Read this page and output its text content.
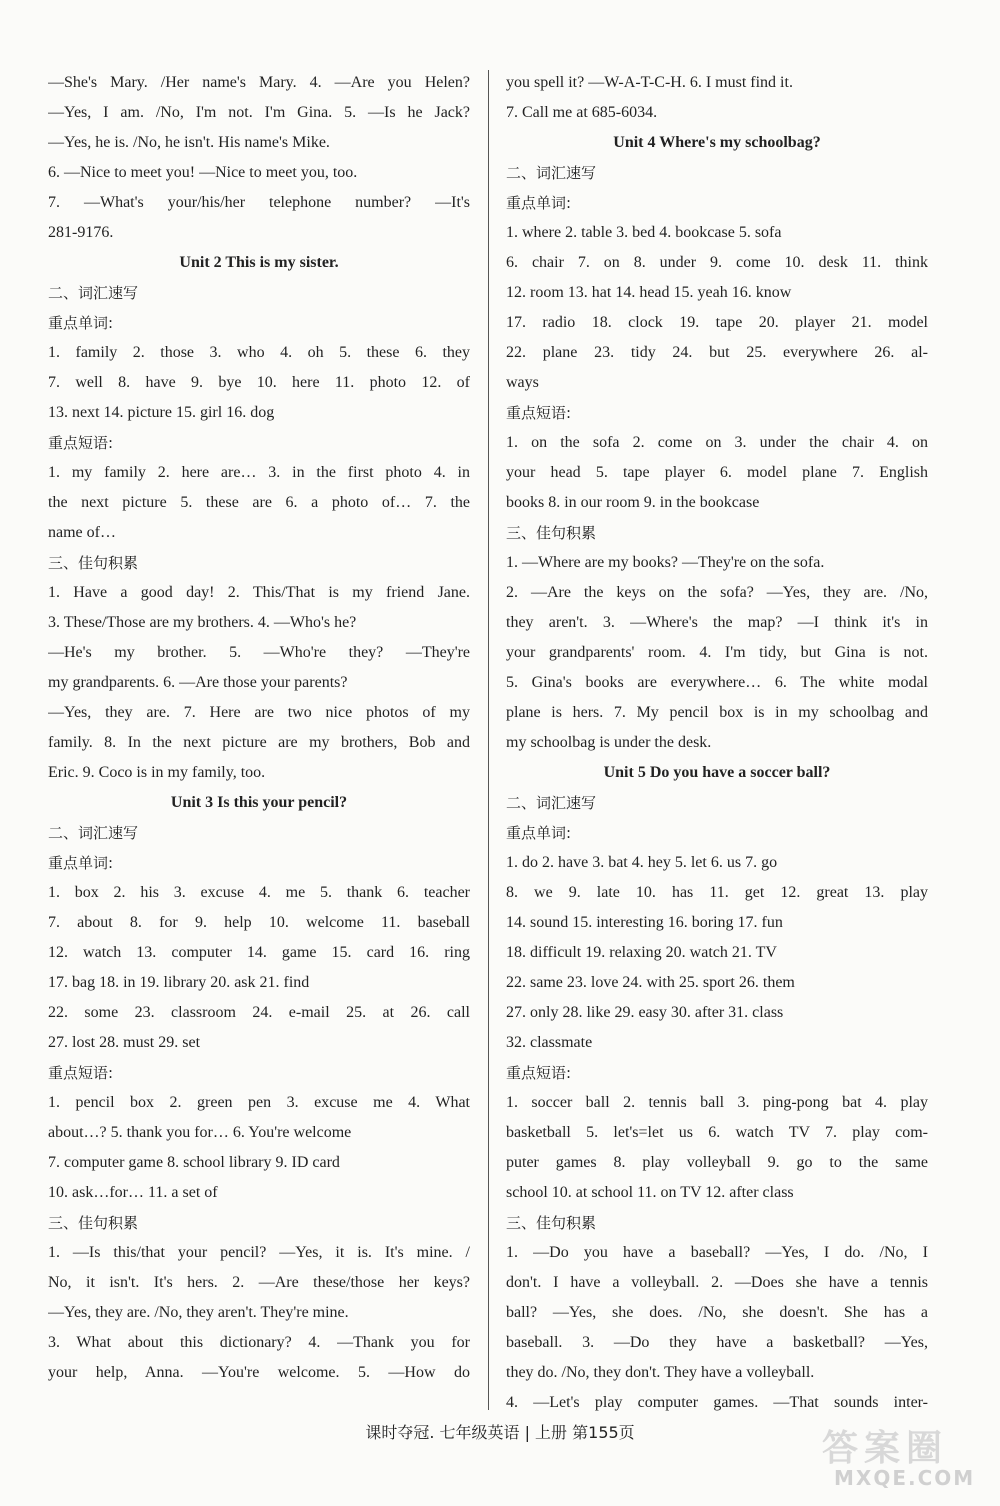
—She's Mary. /Her name's Mary. 4. —Are you Helen?
—Yes, I am. /No, I'm not. I'm Gina. 5. —Is he Jack?
—Yes, he is. /No, he isn't. His name's Mike.
6. —Nice to meet you! —Nice to meet you, too.
7. —What's your/his/her telephone number? —It's
281-9176.
Unit 2 This is my sister.
二、词汇速写
重点单词:
1. family 2. those 3. who 4. oh 5. these 6. they
7. well 8. have 9. bye 10. here 11. photo 12. of
13. next 14. picture 15. girl 16. dog
重点短语:
1. my family 2. here are… 3. in the first photo 4. in
the next picture 5. these are 6. a photo of… 7. the
name of…
三、佳句积累
1. Have a good day! 2. This/That is my friend Jane.
3. These/Those are my brothers. 4. —Who's he?
—He's my brother. 5. —Who're they? —They're
my grandparents. 6. —Are those your parents?
—Yes, they are. 7. Here are two nice photos of my
family. 8. In the next picture are my brothers, Bob and
Eric. 9. Coco is in my family, too.
Unit 3 Is this your pencil?
二、词汇速写
重点单词:
1. box 2. his 3. excuse 4. me 5. thank 6. teacher
7. about 8. for 9. help 10. welcome 11. baseball
12. watch 13. computer 14. game 15. card 16. ring
17. bag 18. in 19. library 20. ask 21. find
22. some 23. classroom 24. e-mail 25. at 26. call
27. lost 28. must 29. set
重点短语:
1. pencil box 2. green pen 3. excuse me 4. What
about…? 5. thank you for… 6. You're welcome
7. computer game 8. school library 9. ID card
10. ask…for… 11. a set of
三、佳句积累
1. —Is this/that your pencil? —Yes, it is. It's mine. /
No, it isn't. It's hers. 2. —Are these/those her keys?
—Yes, they are. /No, they aren't. They're mine.
3. What about this dictionary? 4. —Thank you for
your help, Anna. —You're welcome. 5. —How do
you spell it? —W-A-T-C-H. 6. I must find it.
7. Call me at 685-6034.
Unit 4 Where's my schoolbag?
二、词汇速写
重点单词:
1. where 2. table 3. bed 4. bookcase 5. sofa
6. chair 7. on 8. under 9. come 10. desk 11. think
12. room 13. hat 14. head 15. yeah 16. know
17. radio 18. clock 19. tape 20. player 21. model
22. plane 23. tidy 24. but 25. everywhere 26. al-
ways
重点短语:
1. on the sofa 2. come on 3. under the chair 4. on
your head 5. tape player 6. model plane 7. English
books 8. in our room 9. in the bookcase
三、佳句积累
1. —Where are my books? —They're on the sofa.
2. —Are the keys on the sofa? —Yes, they are. /No,
they aren't. 3. —Where's the map? —I think it's in
your grandparents' room. 4. I'm tidy, but Gina is not.
5. Gina's books are everywhere… 6. The white modal
plane is hers. 7. My pencil box is in my schoolbag and
my schoolbag is under the desk.
Unit 5 Do you have a soccer ball?
二、词汇速写
重点单词:
1. do 2. have 3. bat 4. hey 5. let 6. us 7. go
8. we 9. late 10. has 11. get 12. great 13. play
14. sound 15. interesting 16. boring 17. fun
18. difficult 19. relaxing 20. watch 21. TV
22. same 23. love 24. with 25. sport 26. them
27. only 28. like 29. easy 30. after 31. class
32. classmate
重点短语:
1. soccer ball 2. tennis ball 3. ping-pong bat 4. play
basketball 5. let's=let us 6. watch TV 7. play com-
puter games 8. play volleyball 9. go to the same
school 10. at school 11. on TV 12. after class
三、佳句积累
1. —Do you have a baseball? —Yes, I do. /No, I
don't. I have a volleyball. 2. —Does she have a tennis
ball? —Yes, she does. /No, she doesn't. She has a
baseball. 3. —Do they have a basketball? —Yes,
they do. /No, they don't. They have a volleyball.
4. —Let's play computer games. —That sounds inter-
课时夺冠. 七年级英语 | 上册 第155页	答案圈
MXQE.COM
